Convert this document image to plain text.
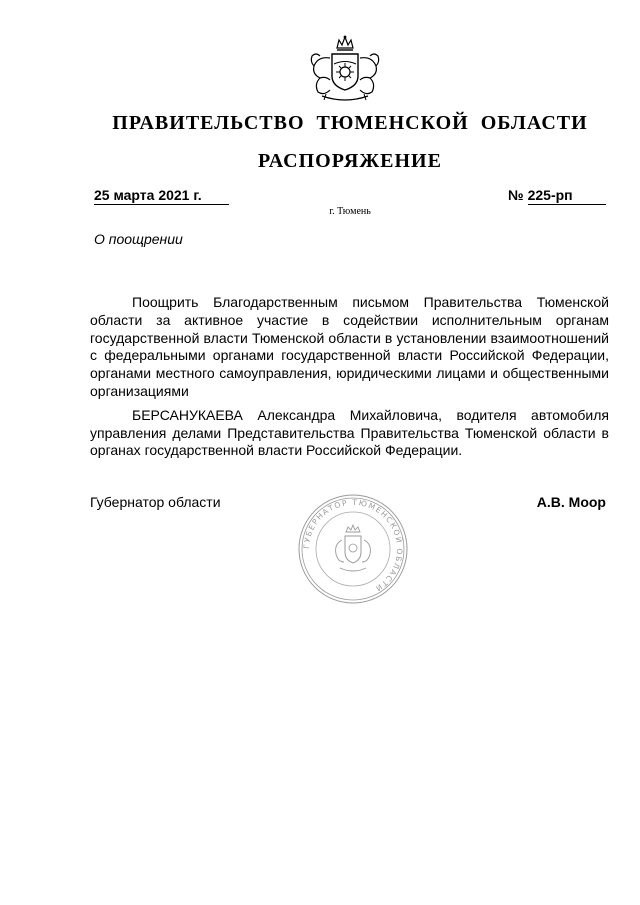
ПРАВИТЕЛЬСТВО ТЮМЕНСКОЙ ОБЛАСТИ
РАСПОРЯЖЕНИЕ
25 марта 2021 г.	№ 225-рп
г. Тюмень
О поощрении

Поощрить Благодарственным письмом Правительства Тюменской области за активное участие в содействии исполнительным органам государственной власти Тюменской области в установлении взаимоотношений с федеральными органами государственной власти Российской Федерации, органами местного самоуправления, юридическими лицами и общественными организациями

БЕРСАНУКАЕВА Александра Михайловича, водителя автомобиля управления делами Представительства Правительства Тюменской области в органах государственной власти Российской Федерации.

Губернатор области
ГУБЕРНАТОР ТЮМЕНСКОЙ ОБЛАСТИ
А.В. Моор
